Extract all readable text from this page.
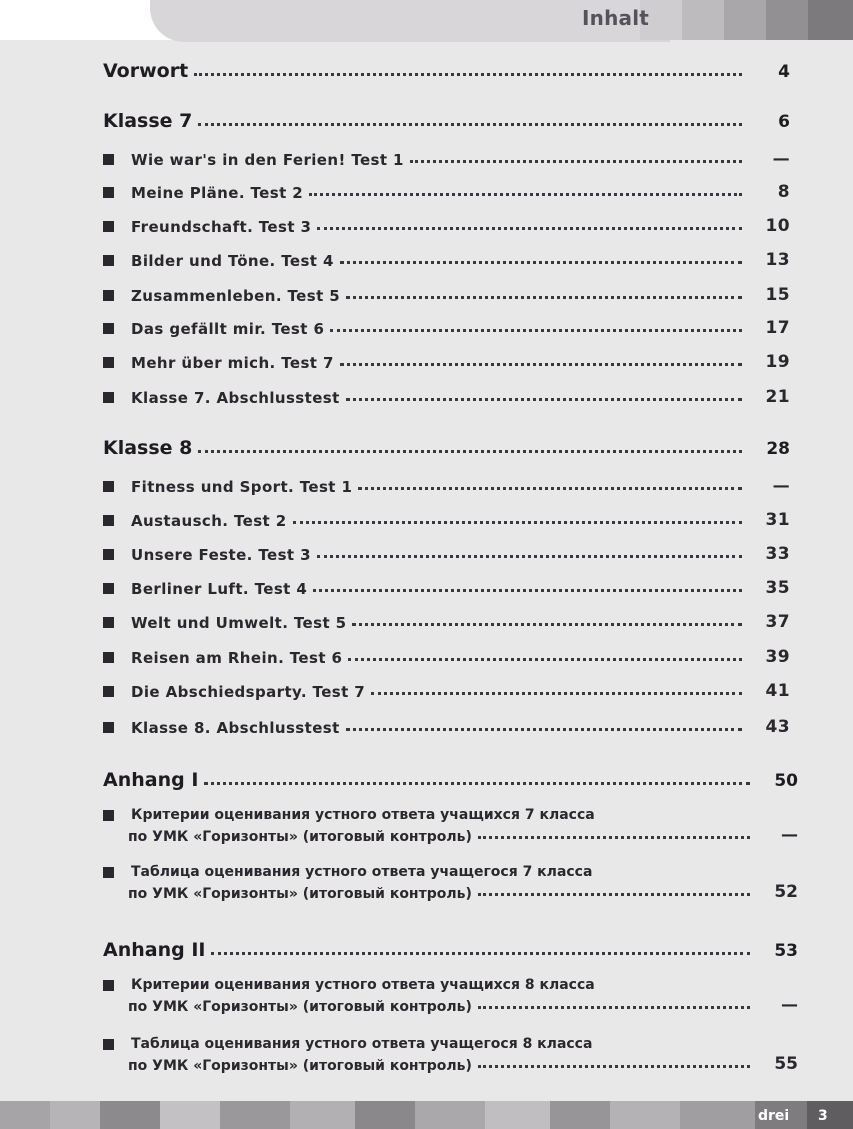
Inhalt
Vorwort	4
Klasse 7	6
Wie war's in den Ferien! Test 1	—
Meine Pläne. Test 2	8
Freundschaft. Test 3	10
Bilder und Töne. Test 4	13
Zusammenleben. Test 5	15
Das gefällt mir. Test 6	17
Mehr über mich. Test 7	19
Klasse 7. Abschlusstest	21
Klasse 8	28
Fitness und Sport. Test 1	—
Austausch. Test 2	31
Unsere Feste. Test 3	33
Berliner Luft. Test 4	35
Welt und Umwelt. Test 5	37
Reisen am Rhein. Test 6	39
Die Abschiedsparty. Test 7	41
Klasse 8. Abschlusstest	43
Anhang I	50
Критерии оценивания устного ответа учащихся 7 класса
по УМК «Горизонты» (итоговый контроль)	—
Таблица оценивания устного ответа учащегося 7 класса
по УМК «Горизонты» (итоговый контроль)	52
Anhang II	53
Критерии оценивания устного ответа учащихся 8 класса
по УМК «Горизонты» (итоговый контроль)	—
Таблица оценивания устного ответа учащегося 8 класса
по УМК «Горизонты» (итоговый контроль)	55
drei 3
